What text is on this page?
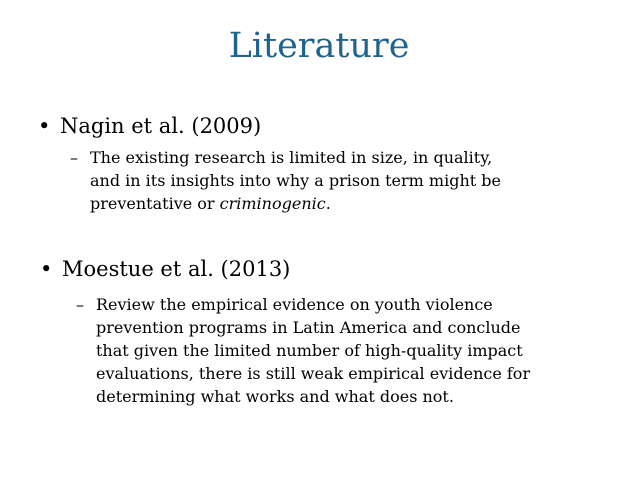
Literature
• Nagin et al. (2009)
– The existing research is limited in size, in quality,
and in its insights into why a prison term might be
preventative or criminogenic.
• Moestue et al. (2013)
– Review the empirical evidence on youth violence
prevention programs in Latin America and conclude
that given the limited number of high-quality impact
evaluations, there is still weak empirical evidence for
determining what works and what does not.
